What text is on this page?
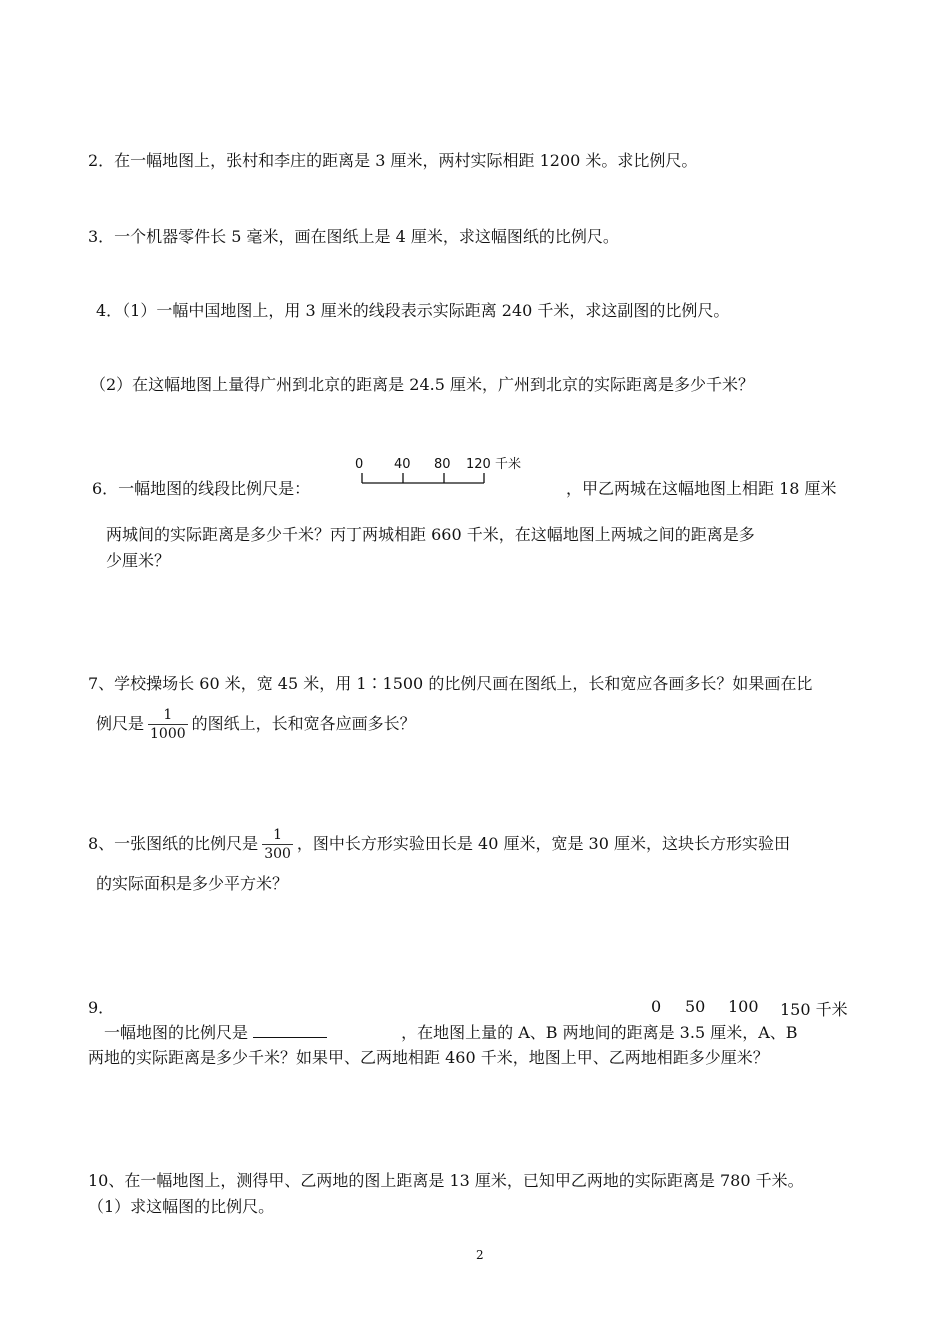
2．在一幅地图上，张村和李庄的距离是 3 厘米，两村实际相距 1200 米。求比例尺。
3．一个机器零件长 5 毫米，画在图纸上是 4 厘米，求这幅图纸的比例尺。
4．（1）一幅中国地图上，用 3 厘米的线段表示实际距离 240 千米，求这副图的比例尺。
（2）在这幅地图上量得广州到北京的距离是 24.5 厘米，广州到北京的实际距离是多少千米？
6．一幅地图的线段比例尺是：
0 40 80 120 千米
，甲乙两城在这幅地图上相距 18 厘米
两城间的实际距离是多少千米？丙丁两城相距 660 千米，在这幅地图上两城之间的距离是多
少厘米？
7、学校操场长 60 米，宽 45 米，用 1∶1500 的比例尺画在图纸上，长和宽应各画多长？如果画在比
例尺是 $\frac{1}{1000}$ 的图纸上，长和宽各应画多长？
8、一张图纸的比例尺是 $\frac{1}{300}$ ，图中长方形实验田长是 40 厘米，宽是 30 厘米，这块长方形实验田
的实际面积是多少平方米？
9．	0 50 100 150 千米
一幅地图的比例尺是	，在地图上量的 A、B 两地间的距离是 3.5 厘米，A、B
两地的实际距离是多少千米？如果甲、乙两地相距 460 千米，地图上甲、乙两地相距多少厘米？
10、在一幅地图上，测得甲、乙两地的图上距离是 13 厘米，已知甲乙两地的实际距离是 780 千米。
（1）求这幅图的比例尺。
2
